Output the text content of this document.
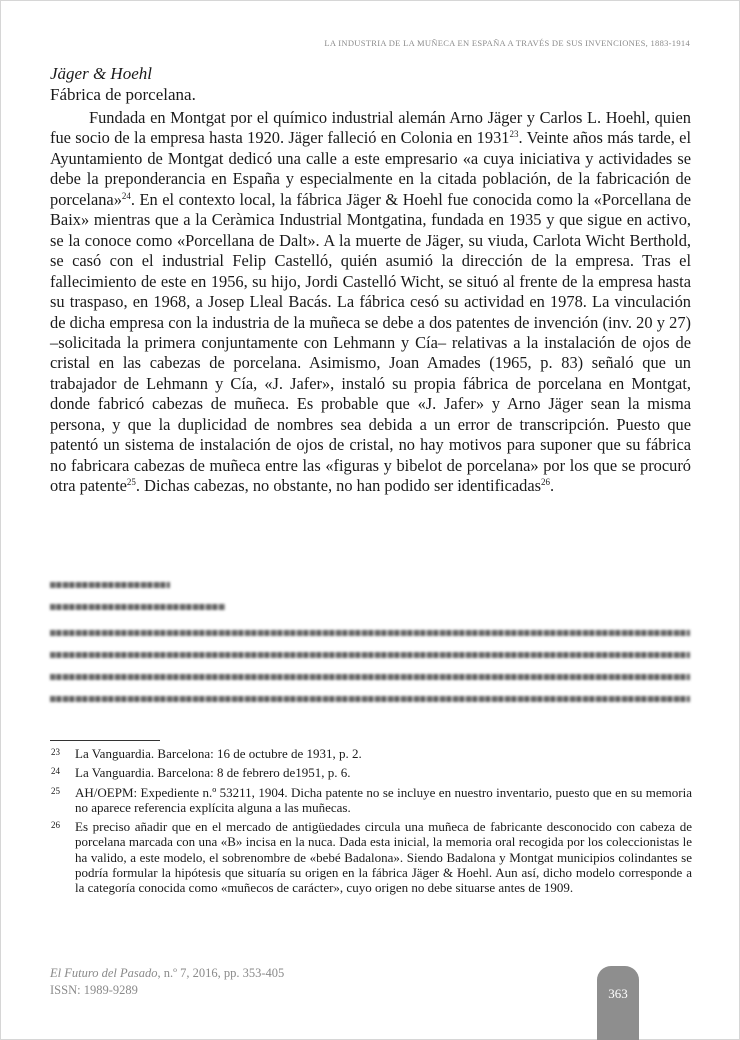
LA INDUSTRIA DE LA MUÑECA EN ESPAÑA A TRAVÉS DE SUS INVENCIONES, 1883-1914
Jäger & Hoehl
Fábrica de porcelana.

Fundada en Montgat por el químico industrial alemán Arno Jäger y Carlos L. Hoehl, quien fue socio de la empresa hasta 1920. Jäger falleció en Colonia en 1931$^{23}$. Veinte años más tarde, el Ayuntamiento de Montgat dedicó una calle a este empresario «a cuya iniciativa y actividades se debe la preponderancia en España y especialmente en la citada población, de la fabricación de porcelana»$^{24}$. En el contexto local, la fábrica Jäger & Hoehl fue conocida como la «Porcellana de Baix» mientras que a la Ceràmica Industrial Montgatina, fundada en 1935 y que sigue en activo, se la conoce como «Porcellana de Dalt». A la muerte de Jäger, su viuda, Carlota Wicht Berthold, se casó con el industrial Felip Castelló, quién asumió la dirección de la empresa. Tras el fallecimiento de este en 1956, su hijo, Jordi Castelló Wicht, se situó al frente de la empresa hasta su traspaso, en 1968, a Josep Lleal Bacás. La fábrica cesó su actividad en 1978. La vinculación de dicha empresa con la industria de la muñeca se debe a dos patentes de invención (inv. 20 y 27) –solicitada la primera conjuntamente con Lehmann y Cía– relativas a la instalación de ojos de cristal en las cabezas de porcelana. Asimismo, Joan Amades (1965, p. 83) señaló que un trabajador de Lehmann y Cía, «J. Jafer», instaló su propia fábrica de porcelana en Montgat, donde fabricó cabezas de muñeca. Es probable que «J. Jafer» y Arno Jäger sean la misma persona, y que la duplicidad de nombres sea debida a un error de transcripción. Puesto que patentó un sistema de instalación de ojos de cristal, no hay motivos para suponer que su fábrica no fabricara cabezas de muñeca entre las «figuras y bibelot de porcelana» por los que se procuró otra patente$^{25}$. Dichas cabezas, no obstante, no han podido ser identificadas$^{26}$.

23 La Vanguardia. Barcelona: 16 de octubre de 1931, p. 2.
24 La Vanguardia. Barcelona: 8 de febrero de1951, p. 6.
25 AH/OEPM: Expediente n.º 53211, 1904. Dicha patente no se incluye en nuestro inventario, puesto que en su memoria no aparece referencia explícita alguna a las muñecas.
26 Es preciso añadir que en el mercado de antigüedades circula una muñeca de fabricante desconocido con cabeza de porcelana marcada con una «B» incisa en la nuca. Dada esta inicial, la memoria oral recogida por los coleccionistas le ha valido, a este modelo, el sobrenombre de «bebé Badalona». Siendo Badalona y Montgat municipios colindantes se podría formular la hipótesis que situaría su origen en la fábrica Jäger & Hoehl. Aun así, dicho modelo corresponde a la categoría conocida como «muñecos de carácter», cuyo origen no debe situarse antes de 1909.
El Futuro del Pasado, n.º 7, 2016, pp. 353-405
ISSN: 1989-9289	363
